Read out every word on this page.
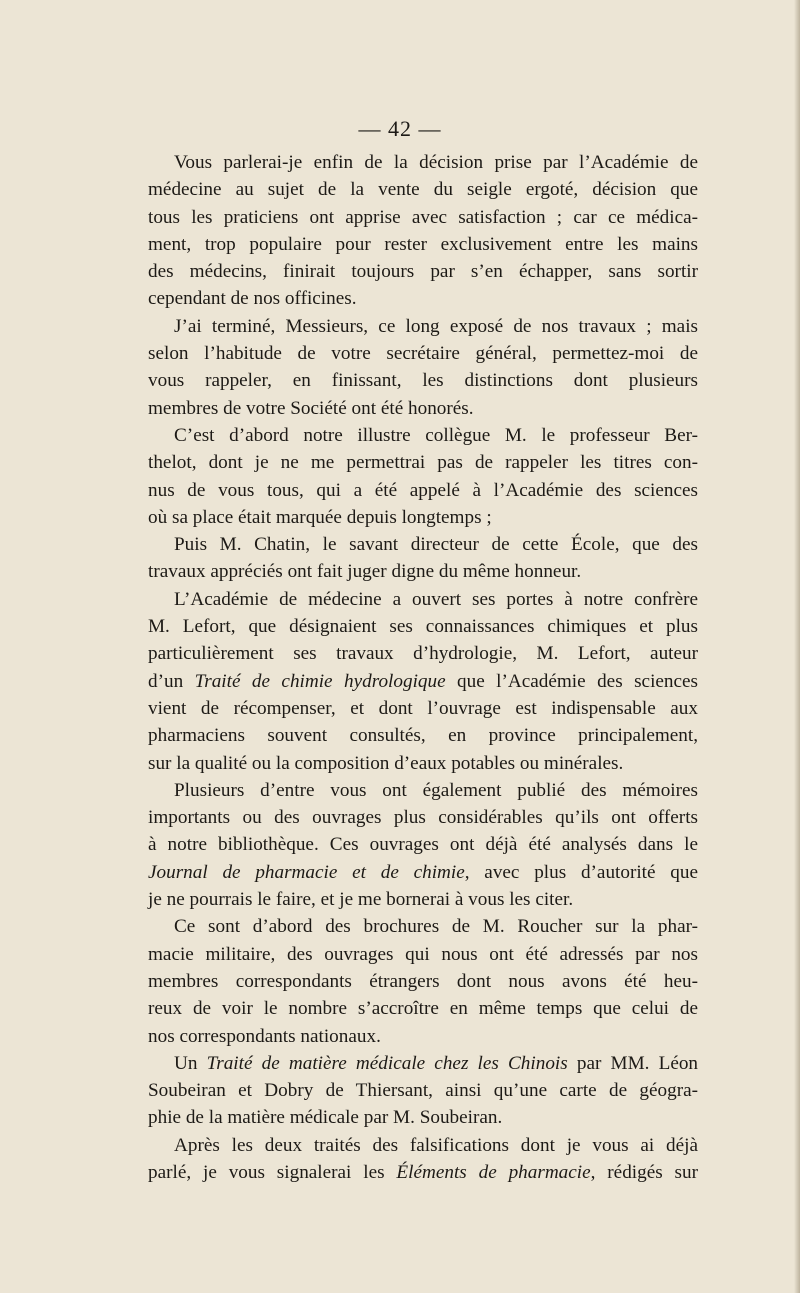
— 42 —
Vous parlerai-je enfin de la décision prise par l’Académie de
médecine au sujet de la vente du seigle ergoté, décision que
tous les praticiens ont apprise avec satisfaction ; car ce médica-
ment, trop populaire pour rester exclusivement entre les mains
des médecins, finirait toujours par s’en échapper, sans sortir
cependant de nos officines.
J’ai terminé, Messieurs, ce long exposé de nos travaux ; mais
selon l’habitude de votre secrétaire général, permettez-moi de
vous rappeler, en finissant, les distinctions dont plusieurs
membres de votre Société ont été honorés.
C’est d’abord notre illustre collègue M. le professeur Ber-
thelot, dont je ne me permettrai pas de rappeler les titres con-
nus de vous tous, qui a été appelé à l’Académie des sciences
où sa place était marquée depuis longtemps ;
Puis M. Chatin, le savant directeur de cette École, que des
travaux appréciés ont fait juger digne du même honneur.
L’Académie de médecine a ouvert ses portes à notre confrère
M. Lefort, que désignaient ses connaissances chimiques et plus
particulièrement ses travaux d’hydrologie, M. Lefort, auteur
d’un Traité de chimie hydrologique que l’Académie des sciences
vient de récompenser, et dont l’ouvrage est indispensable aux
pharmaciens souvent consultés, en province principalement,
sur la qualité ou la composition d’eaux potables ou minérales.
Plusieurs d’entre vous ont également publié des mémoires
importants ou des ouvrages plus considérables qu’ils ont offerts
à notre bibliothèque. Ces ouvrages ont déjà été analysés dans le
Journal de pharmacie et de chimie, avec plus d’autorité que
je ne pourrais le faire, et je me bornerai à vous les citer.
Ce sont d’abord des brochures de M. Roucher sur la phar-
macie militaire, des ouvrages qui nous ont été adressés par nos
membres correspondants étrangers dont nous avons été heu-
reux de voir le nombre s’accroître en même temps que celui de
nos correspondants nationaux.
Un Traité de matière médicale chez les Chinois par MM. Léon
Soubeiran et Dobry de Thiersant, ainsi qu’une carte de géogra-
phie de la matière médicale par M. Soubeiran.
Après les deux traités des falsifications dont je vous ai déjà
parlé, je vous signalerai les Éléments de pharmacie, rédigés sur
